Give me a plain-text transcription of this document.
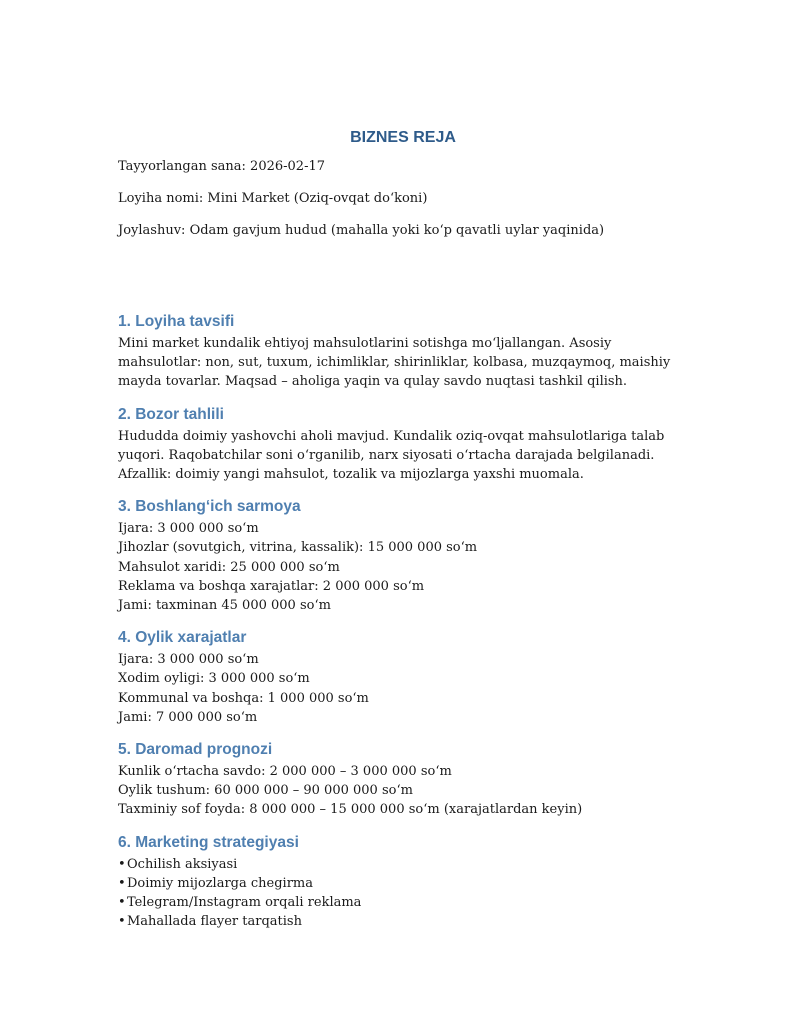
BIZNES REJA

Tayyorlangan sana: 2026-02-17

Loyiha nomi: Mini Market (Oziq-ovqat do‘koni)

Joylashuv: Odam gavjum hudud (mahalla yoki ko‘p qavatli uylar yaqinida)

1. Loyiha tavsifi

Mini market kundalik ehtiyoj mahsulotlarini sotishga mo‘ljallangan. Asosiy mahsulotlar: non, sut, tuxum, ichimliklar, shirinliklar, kolbasa, muzqaymoq, maishiy mayda tovarlar. Maqsad – aholiga yaqin va qulay savdo nuqtasi tashkil qilish.

2. Bozor tahlili

Hududda doimiy yashovchi aholi mavjud. Kundalik oziq-ovqat mahsulotlariga talab yuqori. Raqobatchilar soni o‘rganilib, narx siyosati o‘rtacha darajada belgilanadi. Afzallik: doimiy yangi mahsulot, tozalik va mijozlarga yaxshi muomala.

3. Boshlang‘ich sarmoya

Ijara: 3 000 000 so‘m

Jihozlar (sovutgich, vitrina, kassalik): 15 000 000 so‘m

Mahsulot xaridi: 25 000 000 so‘m

Reklama va boshqa xarajatlar: 2 000 000 so‘m

Jami: taxminan 45 000 000 so‘m

4. Oylik xarajatlar

Ijara: 3 000 000 so‘m

Xodim oyligi: 3 000 000 so‘m

Kommunal va boshqa: 1 000 000 so‘m

Jami: 7 000 000 so‘m

5. Daromad prognozi

Kunlik o‘rtacha savdo: 2 000 000 – 3 000 000 so‘m

Oylik tushum: 60 000 000 – 90 000 000 so‘m

Taxminiy sof foyda: 8 000 000 – 15 000 000 so‘m (xarajatlardan keyin)

6. Marketing strategiyasi

•Ochilish aksiyasi

•Doimiy mijozlarga chegirma

•Telegram/Instagram orqali reklama

•Mahallada flayer tarqatish
